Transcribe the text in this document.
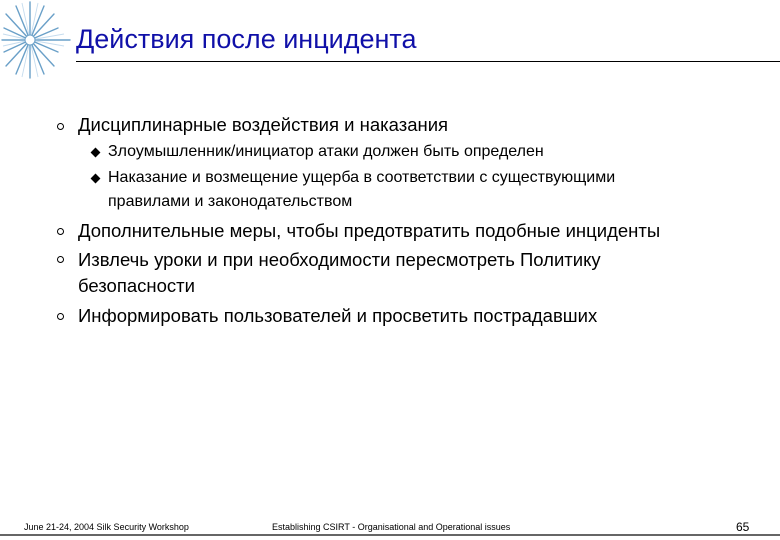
Действия после инцидента
Дисциплинарные воздействия и наказания
Злоумышленник/инициатор атаки должен быть определен
Наказание и возмещение ущерба в соответствии с существующими
правилами и законодательством
Дополнительные меры, чтобы предотвратить подобные инциденты
Извлечь уроки и при необходимости пересмотреть Политику
безопасности
Информировать пользователей и просветить пострадавших
June 21-24, 2004 Silk Security Workshop	Establishing CSIRT - Organisational and Operational issues	65
